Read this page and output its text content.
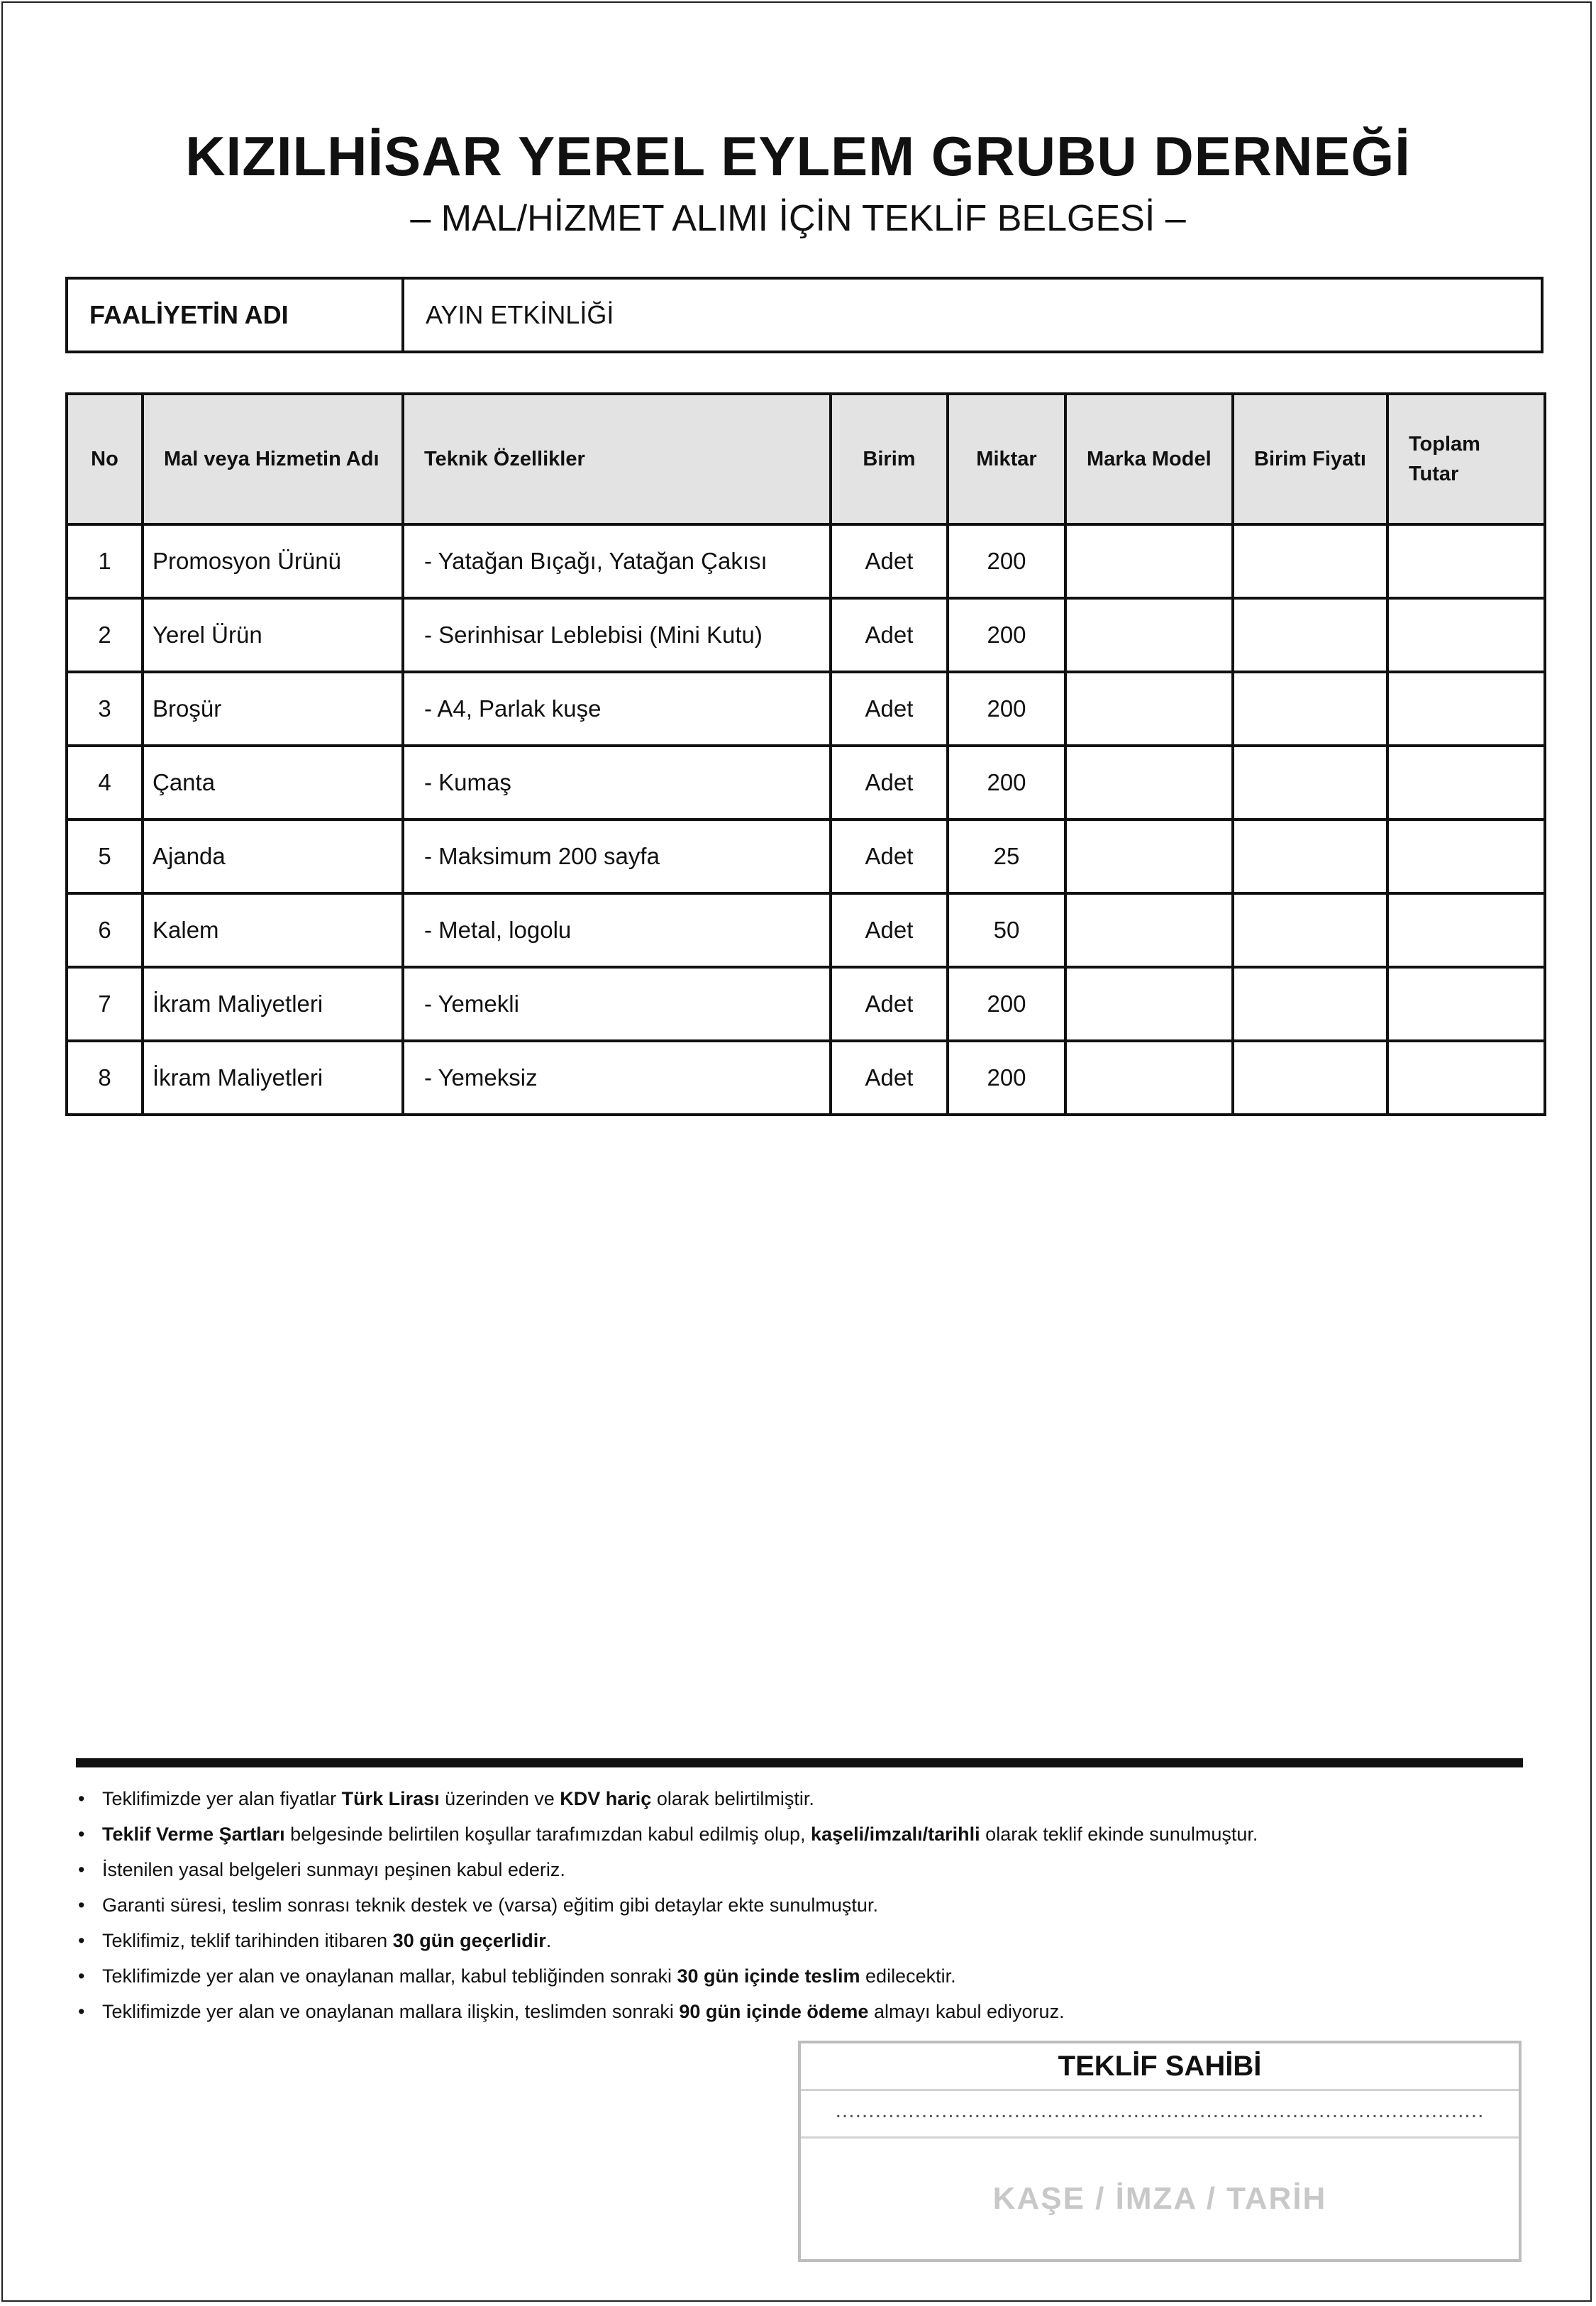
KIZILHİSAR YEREL EYLEM GRUBU DERNEĞİ
– MAL/HİZMET ALIMI İÇİN TEKLİF BELGESİ –
FAALİYETİN ADI	AYIN ETKİNLİĞİ
No	Mal veya Hizmetin Adı	Teknik Özellikler	Birim	Miktar	Marka Model	Birim Fiyatı	Toplam Tutar
1	Promosyon Ürünü	- Yatağan Bıçağı, Yatağan Çakısı	Adet	200			
2	Yerel Ürün	- Serinhisar Leblebisi (Mini Kutu)	Adet	200			
3	Broşür	- A4, Parlak kuşe	Adet	200			
4	Çanta	- Kumaş	Adet	200			
5	Ajanda	- Maksimum 200 sayfa	Adet	25			
6	Kalem	- Metal, logolu	Adet	50			
7	İkram Maliyetleri	- Yemekli	Adet	200			
8	İkram Maliyetleri	- Yemeksiz	Adet	200			
• Teklifimizde yer alan fiyatlar Türk Lirası üzerinden ve KDV hariç olarak belirtilmiştir.
• Teklif Verme Şartları belgesinde belirtilen koşullar tarafımızdan kabul edilmiş olup, kaşeli/imzalı/tarihli olarak teklif ekinde sunulmuştur.
• İstenilen yasal belgeleri sunmayı peşinen kabul ederiz.
• Garanti süresi, teslim sonrası teknik destek ve (varsa) eğitim gibi detaylar ekte sunulmuştur.
• Teklifimiz, teklif tarihinden itibaren 30 gün geçerlidir.
• Teklifimizde yer alan ve onaylanan mallar, kabul tebliğinden sonraki 30 gün içinde teslim edilecektir.
• Teklifimizde yer alan ve onaylanan mallara ilişkin, teslimden sonraki 90 gün içinde ödeme almayı kabul ediyoruz.
TEKLİF SAHİBİ
..................................................................................................
KAŞE / İMZA / TARİH
